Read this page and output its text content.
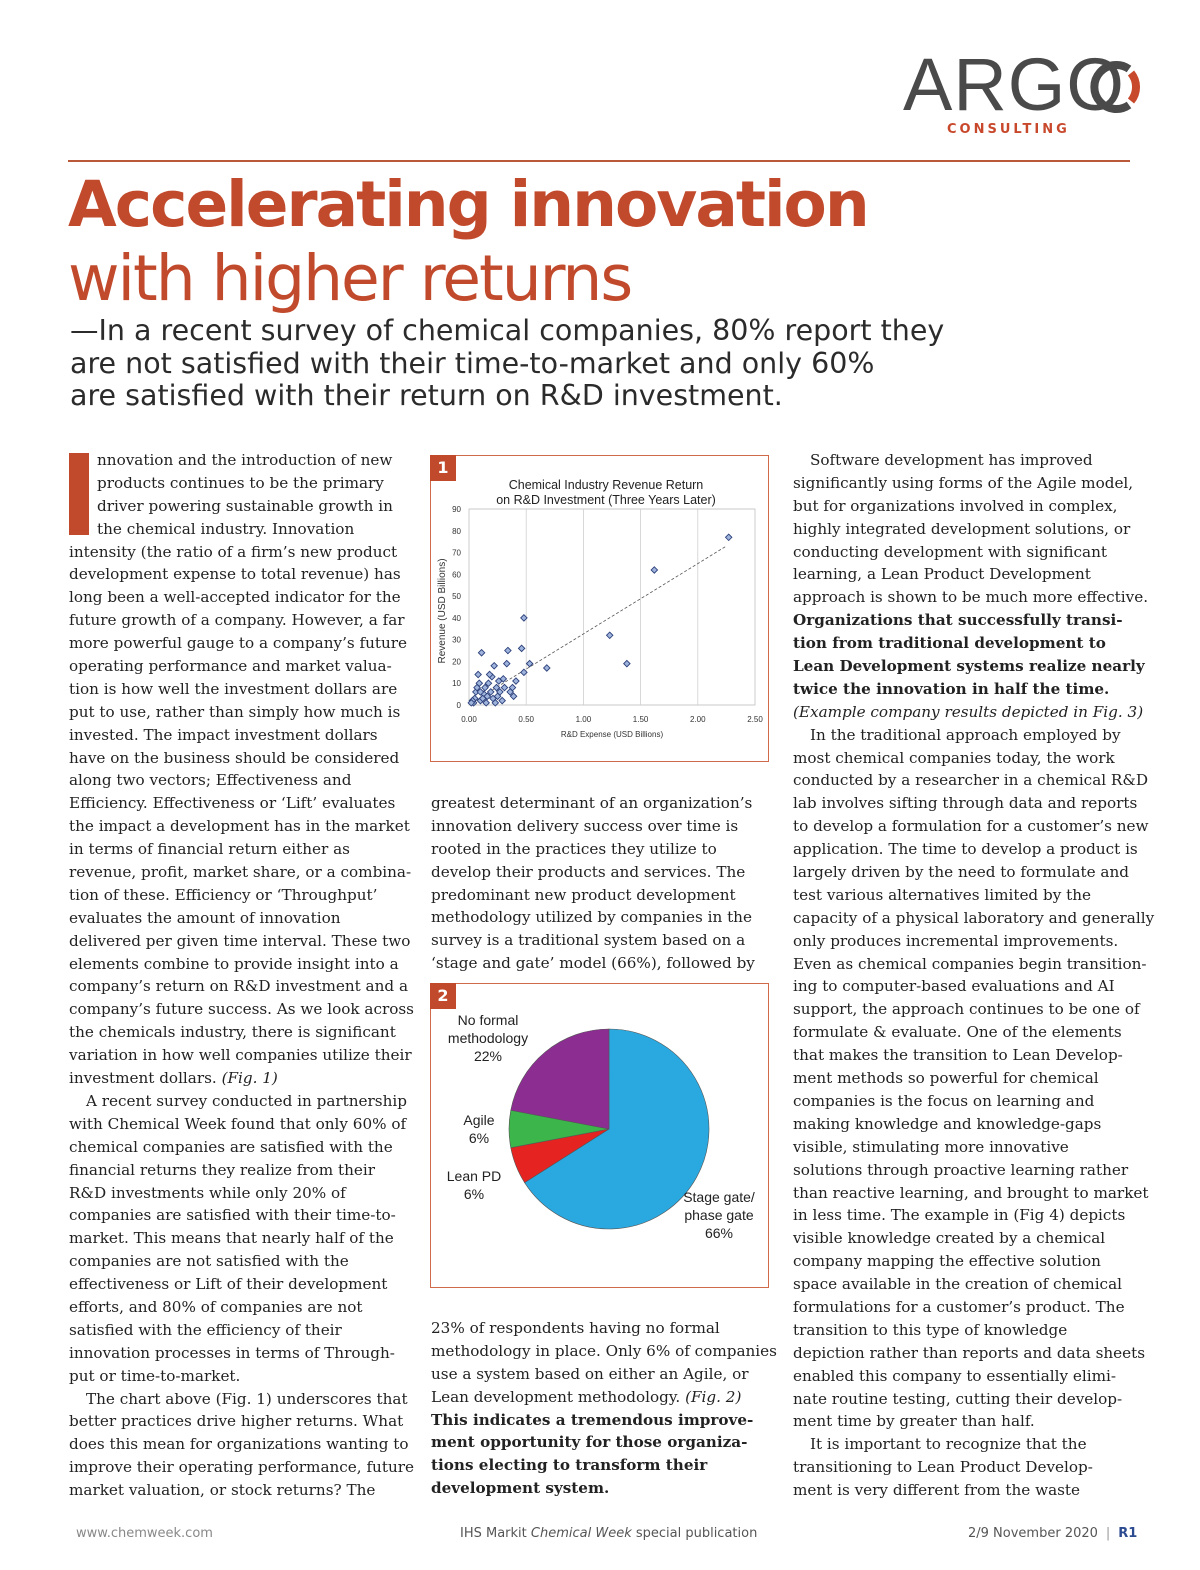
ARGO
CONSULTING
Accelerating innovation
with higher returns
—In a recent survey of chemical companies, 80% report they
are not satisfied with their time-to-market and only 60%
are satisfied with their return on R&D investment.
nnovation and the introduction of new
products continues to be the primary
driver powering sustainable growth in
the chemical industry. Innovation
intensity (the ratio of a firm’s new product
development expense to total revenue) has
long been a well-accepted indicator for the
future growth of a company. However, a far
more powerful gauge to a company’s future
operating performance and market valua-
tion is how well the investment dollars are
put to use, rather than simply how much is
invested. The impact investment dollars
have on the business should be considered
along two vectors; Effectiveness and
Efficiency. Effectiveness or ‘Lift’ evaluates
the impact a development has in the market
in terms of financial return either as
revenue, profit, market share, or a combina-
tion of these. Efficiency or ‘Throughput’
evaluates the amount of innovation
delivered per given time interval. These two
elements combine to provide insight into a
company’s return on R&D investment and a
company’s future success. As we look across
the chemicals industry, there is significant
variation in how well companies utilize their
investment dollars. (Fig. 1)
A recent survey conducted in partnership
with Chemical Week found that only 60% of
chemical companies are satisfied with the
financial returns they realize from their
R&D investments while only 20% of
companies are satisfied with their time-to-
market. This means that nearly half of the
companies are not satisfied with the
effectiveness or Lift of their development
efforts, and 80% of companies are not
satisfied with the efficiency of their
innovation processes in terms of Through-
put or time-to-market.
The chart above (Fig. 1) underscores that
better practices drive higher returns. What
does this mean for organizations wanting to
improve their operating performance, future
market valuation, or stock returns? The
1
Chemical Industry Revenue Return
on R&D Investment (Three Years Later)
0.00	0.50	1.00	1.50	2.00	2.50
0
10
20
30
40
50
60
70
80
90
R&D Expense (USD Billions)
Revenue (USD Billions)
greatest determinant of an organization’s
innovation delivery success over time is
rooted in the practices they utilize to
develop their products and services. The
predominant new product development
methodology utilized by companies in the
survey is a traditional system based on a
‘stage and gate’ model (66%), followed by
2
Stage gate/
phase gate
66%
Lean PD
6%
Agile
6%
No formal
methodology
22%
23% of respondents having no formal
methodology in place. Only 6% of companies
use a system based on either an Agile, or
Lean development methodology. (Fig. 2)
This indicates a tremendous improve-
ment opportunity for those organiza-
tions electing to transform their
development system.
Software development has improved
significantly using forms of the Agile model,
but for organizations involved in complex,
highly integrated development solutions, or
conducting development with significant
learning, a Lean Product Development
approach is shown to be much more effective.
Organizations that successfully transi-
tion from traditional development to
Lean Development systems realize nearly
twice the innovation in half the time.
(Example company results depicted in Fig. 3)
In the traditional approach employed by
most chemical companies today, the work
conducted by a researcher in a chemical R&D
lab involves sifting through data and reports
to develop a formulation for a customer’s new
application. The time to develop a product is
largely driven by the need to formulate and
test various alternatives limited by the
capacity of a physical laboratory and generally
only produces incremental improvements.
Even as chemical companies begin transition-
ing to computer-based evaluations and AI
support, the approach continues to be one of
formulate & evaluate. One of the elements
that makes the transition to Lean Develop-
ment methods so powerful for chemical
companies is the focus on learning and
making knowledge and knowledge-gaps
visible, stimulating more innovative
solutions through proactive learning rather
than reactive learning, and brought to market
in less time. The example in (Fig 4) depicts
visible knowledge created by a chemical
company mapping the effective solution
space available in the creation of chemical
formulations for a customer’s product. The
transition to this type of knowledge
depiction rather than reports and data sheets
enabled this company to essentially elimi-
nate routine testing, cutting their develop-
ment time by greater than half.
It is important to recognize that the
transitioning to Lean Product Develop-
ment is very different from the waste
www.chemweek.com	IHS Markit Chemical Week special publication	2/9 November 2020 | R1
